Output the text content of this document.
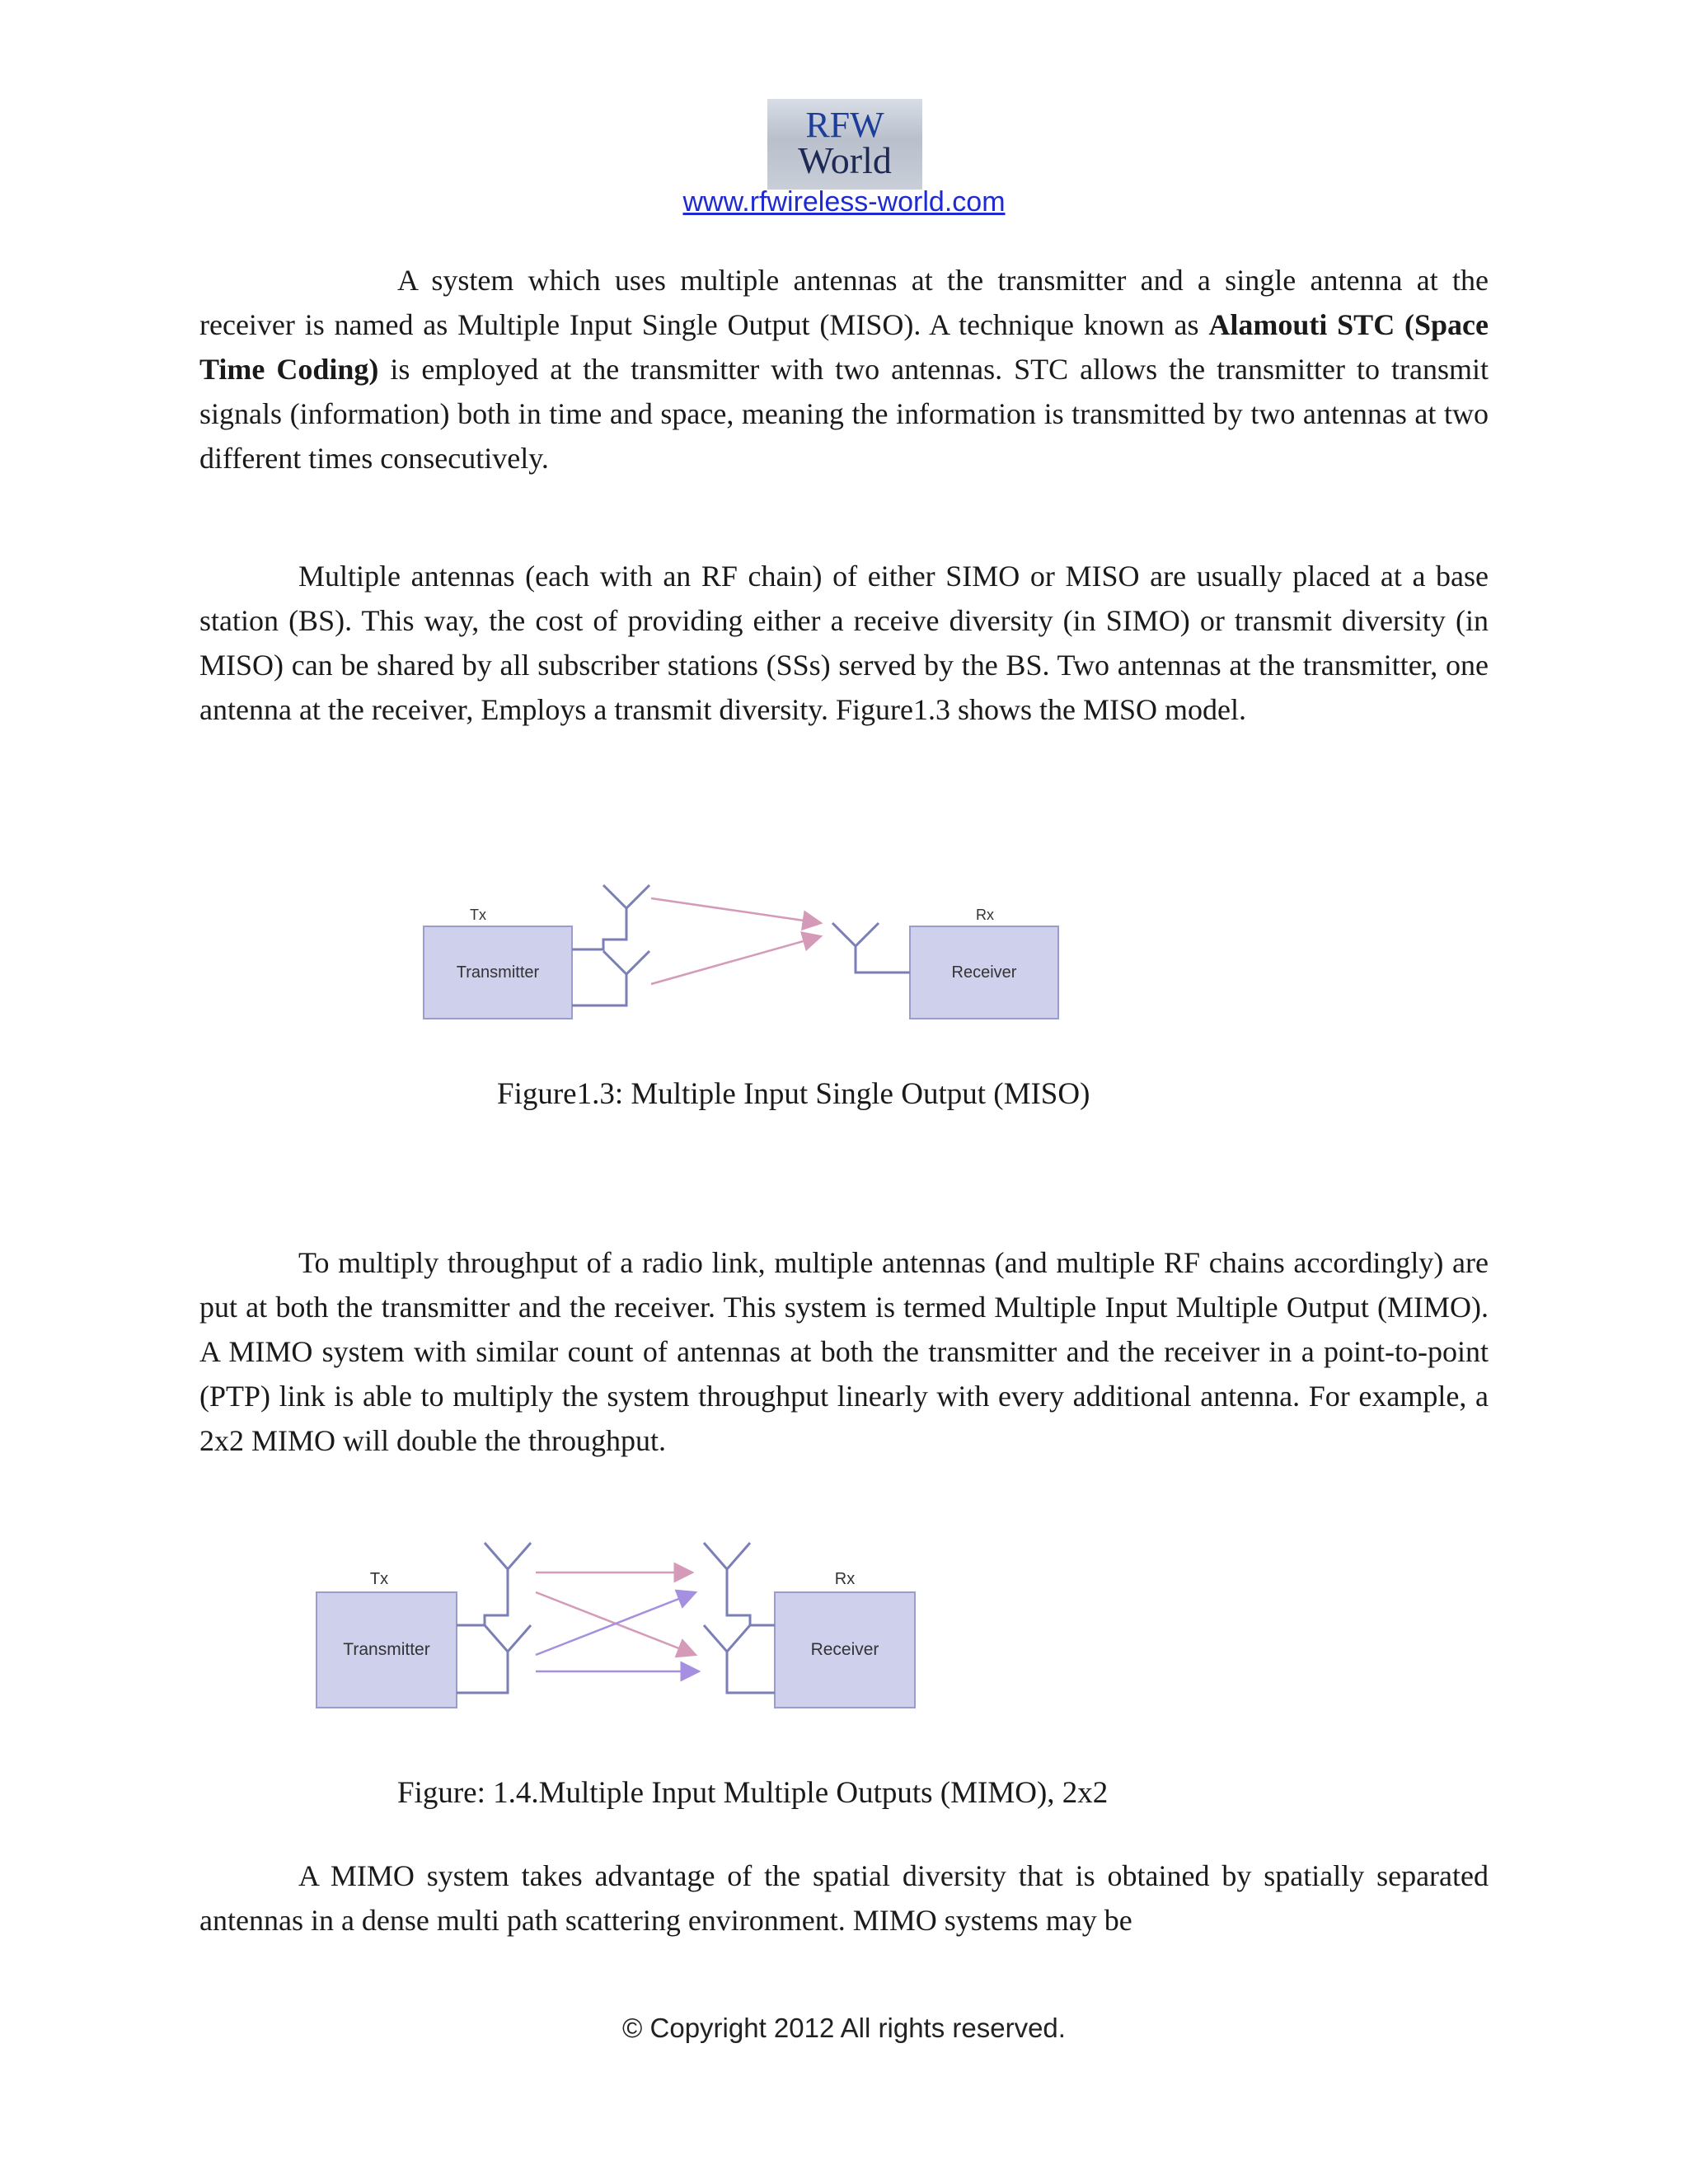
RFW
World
www.rfwireless-world.com

A system which uses multiple antennas at the transmitter and a single antenna at the receiver is named as Multiple Input Single Output (MISO). A technique known as Alamouti STC (Space Time Coding) is employed at the transmitter with two antennas. STC allows the transmitter to transmit signals (information) both in time and space, meaning the information is transmitted by two antennas at two different times consecutively.

Multiple antennas (each with an RF chain) of either SIMO or MISO are usually placed at a base station (BS). This way, the cost of providing either a receive diversity (in SIMO) or transmit diversity (in MISO) can be shared by all subscriber stations (SSs) served by the BS. Two antennas at the transmitter, one antenna at the receiver, Employs a transmit diversity. Figure1.3 shows the MISO model.

Tx	Rx
Transmitter	Receiver
Figure1.3: Multiple Input Single Output (MISO)

To multiply throughput of a radio link, multiple antennas (and multiple RF chains accordingly) are put at both the transmitter and the receiver. This system is termed Multiple Input Multiple Output (MIMO). A MIMO system with similar count of antennas at both the transmitter and the receiver in a point-to-point (PTP) link is able to multiply the system throughput linearly with every additional antenna. For example, a 2x2 MIMO will double the throughput.

Tx	Rx
Transmitter	Receiver
Figure: 1.4.Multiple Input Multiple Outputs (MIMO), 2x2

A MIMO system takes advantage of the spatial diversity that is obtained by spatially separated antennas in a dense multi path scattering environment. MIMO systems may be

© Copyright 2012 All rights reserved.
